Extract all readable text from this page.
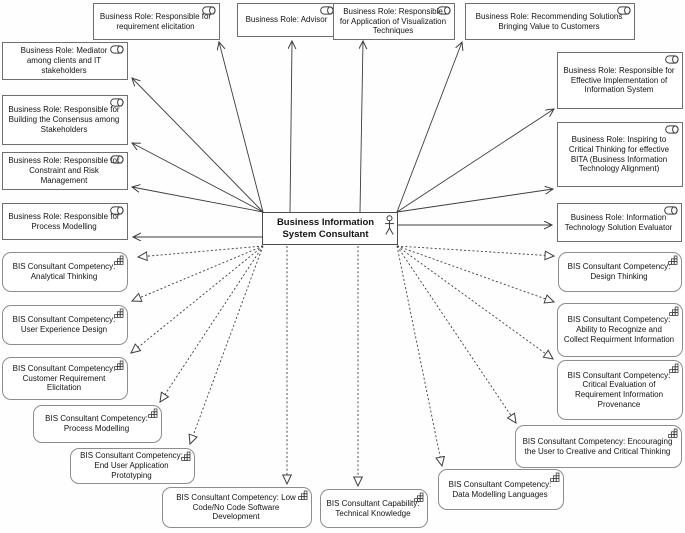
Business Information System Consultant
Business Role: Responsible for requirement elicitation
Business Role: Advisor
Business Role: Responsible for Application of Visualization Techniques
Business Role: Recommending Solutions Bringing Value to Customers
Business Role: Mediator among clients and IT stakeholders
Business Role: Responsible for Building the Consensus among Stakeholders
Business Role: Responsible for Constraint and Risk Management
Business Role: Responsible for Process Modelling
Business Role: Responsible for Effective Implementation of Information System
Business Role: Inspiring to Critical Thinking for effective BITA (Business Information Technology Alignment)
Business Role: Information Technology Solution Evaluator
BIS Consultant Competency: Analytical Thinking
BIS Consultant Competency: User Experience Design
BIS Consultant Competency: Customer Requirement Elicitation
BIS Consultant Competency: Process Modelling
BIS Consultant Competency: End User Application Prototyping
BIS Consultant Competency: Low Code/No Code Software Development
BIS Consultant Capability: Technical Knowledge
BIS Consultant Competency: Data Modelling Languages
BIS Consultant Competency: Encouraging the User to Creative and Critical Thinking
BIS Consultant Competency: Design Thinking
BIS Consultant Competency: Ability to Recognize and Collect Requirment Information
BIS Consultant Competency: Critical Evaluation of Requirement Information Provenance
